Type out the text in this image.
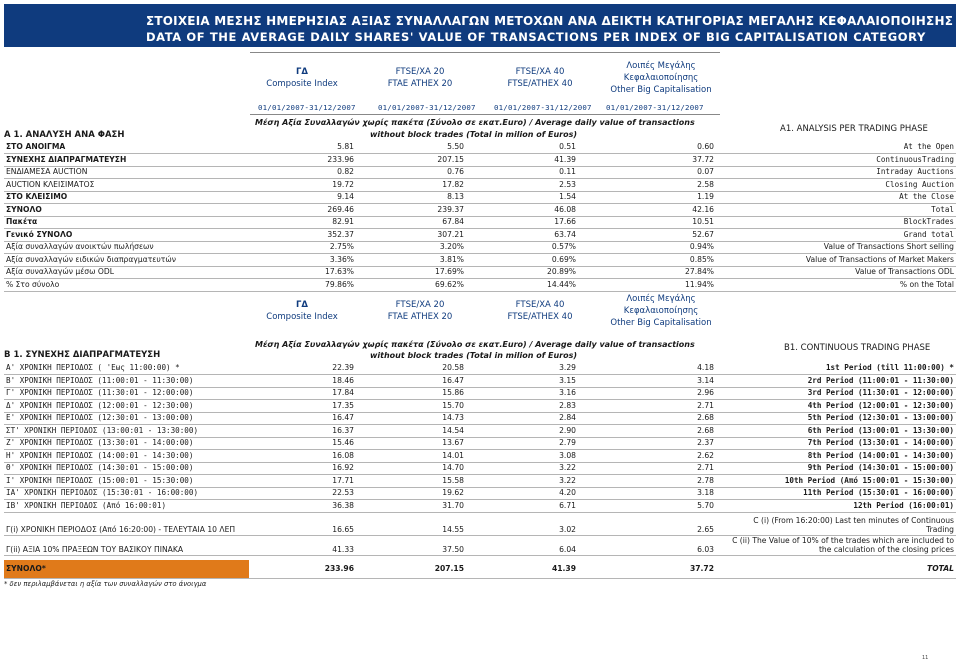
ΣΤΟΙΧΕΙΑ ΜΕΣΗΣ ΗΜΕΡΗΣΙΑΣ ΑΞΙΑΣ ΣΥΝΑΛΛΑΓΩΝ ΜΕΤΟΧΩΝ ΑΝΑ ΔΕΙΚΤΗ ΚΑΤΗΓΟΡΙΑΣ ΜΕΓΑΛΗΣ ΚΕΦΑΛΑΙΟΠΟΙΗΣΗΣ
DATA OF THE AVERAGE DAILY SHARES' VALUE OF TRANSACTIONS PER INDEX OF BIG CAPITALISATION CATEGORY
ΓΔ
Composite Index
FTSE/XA 20
FTAE ATHEX 20
FTSE/XA 40
FTSE/ATHEX 40
Λοιπές Μεγάλης
Κεφαλαιοποίησης
Other Big Capitalisation
01/01/2007-31/12/2007	01/01/2007-31/12/2007 01/01/2007-31/12/2007 01/01/2007-31/12/2007
Μέση Αξία Συναλλαγών χωρίς πακέτα (Σύνολο σε εκατ.Euro) / Average daily value of transactions
without block trades (Total in milion of Euros)
A 1. ΑΝΑΛΥΣΗ ΑΝΑ ΦΑΣΗ
A1. ANALYSIS PER TRADING PHASE
ΣΤΟ ΑΝΟΙΓΜΑ	5.81	5.50	0.51	0.60	At the Open
ΣΥΝΕΧΗΣ ΔΙΑΠΡΑΓΜΑΤΕΥΣΗ	233.96	207.15	41.39	37.72	ContinuousTrading
ΕΝΔΙΑΜΕΣΑ AUCTION	0.82	0.76	0.11	0.07	Intraday Auctions
AUCTION ΚΛΕΙΣΙΜΑΤΟΣ	19.72	17.82	2.53	2.58	Closing Auction
ΣΤΟ ΚΛΕΙΣΙΜΟ	9.14	8.13	1.54	1.19	At the Close
ΣΥΝΟΛΟ	269.46	239.37	46.08	42.16	Total
Πακέτα	82.91	67.84	17.66	10.51	BlockTrades
Γενικό ΣΥΝΟΛΟ	352.37	307.21	63.74	52.67	Grand total
Αξία συναλλαγών ανοικτών πωλήσεων	2.75%	3.20%	0.57%	0.94%	Value of Transactions Short selling
Αξία συναλλαγών ειδικών διαπραγματευτών	3.36%	3.81%	0.69%	0.85%	Value of Transactions of Market Makers
Αξία συναλλαγών μέσω ODL	17.63%	17.69%	20.89%	27.84%	Value of Transactions ODL
% Στο σύνολο	79.86%	69.62%	14.44%	11.94%	% on the Total
ΓΔ
Composite Index
FTSE/XA 20
FTAE ATHEX 20
FTSE/XA 40
FTSE/ATHEX 40
Λοιπές Μεγάλης
Κεφαλαιοποίησης
Other Big Capitalisation
Μέση Αξία Συναλλαγών χωρίς πακέτα (Σύνολο σε εκατ.Euro) / Average daily value of transactions
without block trades (Total in milion of Euros)
B 1. ΣΥΝΕΧΗΣ ΔΙΑΠΡΑΓΜΑΤΕΥΣΗ
B1. CONTINUOUS TRADING PHASE
Α' ΧΡΟΝΙΚΗ ΠΕΡΙΟΔΟΣ ( 'Εως 11:00:00) *	22.39	20.58	3.29	4.18	1st Period (till 11:00:00) *
Β' ΧΡΟΝΙΚΗ ΠΕΡΙΟΔΟΣ (11:00:01 - 11:30:00)	18.46	16.47	3.15	3.14	2rd Period (11:00:01 - 11:30:00)
Γ' ΧΡΟΝΙΚΗ ΠΕΡΙΟΔΟΣ (11:30:01 - 12:00:00)	17.84	15.86	3.16	2.96	3rd Period (11:30:01 - 12:00:00)
Δ' ΧΡΟΝΙΚΗ ΠΕΡΙΟΔΟΣ (12:00:01 - 12:30:00)	17.35	15.70	2.83	2.71	4th Period (12:00:01 - 12:30:00)
Ε' ΧΡΟΝΙΚΗ ΠΕΡΙΟΔΟΣ (12:30:01 - 13:00:00)	16.47	14.73	2.84	2.68	5th Period (12:30:01 - 13:00:00)
ΣΤ' ΧΡΟΝΙΚΗ ΠΕΡΙΟΔΟΣ (13:00:01 - 13:30:00)	16.37	14.54	2.90	2.68	6th Period (13:00:01 - 13:30:00)
Ζ' ΧΡΟΝΙΚΗ ΠΕΡΙΟΔΟΣ (13:30:01 - 14:00:00)	15.46	13.67	2.79	2.37	7th Period (13:30:01 - 14:00:00)
Η' ΧΡΟΝΙΚΗ ΠΕΡΙΟΔΟΣ (14:00:01 - 14:30:00)	16.08	14.01	3.08	2.62	8th Period (14:00:01 - 14:30:00)
Θ' ΧΡΟΝΙΚΗ ΠΕΡΙΟΔΟΣ (14:30:01 - 15:00:00)	16.92	14.70	3.22	2.71	9th Period (14:30:01 - 15:00:00)
Ι' ΧΡΟΝΙΚΗ ΠΕΡΙΟΔΟΣ (15:00:01 - 15:30:00)	17.71	15.58	3.22	2.78	10th Period (Από 15:00:01 - 15:30:00)
ΙΑ' ΧΡΟΝΙΚΗ ΠΕΡΙΟΔΟΣ (15:30:01 - 16:00:00)	22.53	19.62	4.20	3.18	11th Period (15:30:01 - 16:00:00)
ΙΒ' ΧΡΟΝΙΚΗ ΠΕΡΙΟΔΟΣ (Από 16:00:01)	36.38	31.70	6.71	5.70	12th Period (16:00:01)
Γ(i) ΧΡΟΝΙΚΗ ΠΕΡΙΟΔΟΣ (Από 16:20:00) - ΤΕΛΕΥΤΑΙΑ 10 ΛΕΠ	16.65	14.55	3.02	2.65
C (i) (From 16:20:00) Last ten minutes of Continuous
Trading
Γ(ii) ΑΞΙΑ 10% ΠΡΑΞΕΩΝ ΤΟΥ ΒΑΣΙΚΟΥ ΠΙΝΑΚΑ	41.33	37.50	6.04	6.03
C (ii) The Value of 10% of the trades which are included to
the calculation of the closing prices
ΣΥΝΟΛΟ*	233.96	207.15	41.39	37.72	TOTAL
* δεν περιλαμβάνεται η αξία των συναλλαγών στο άνοιγμα
11
